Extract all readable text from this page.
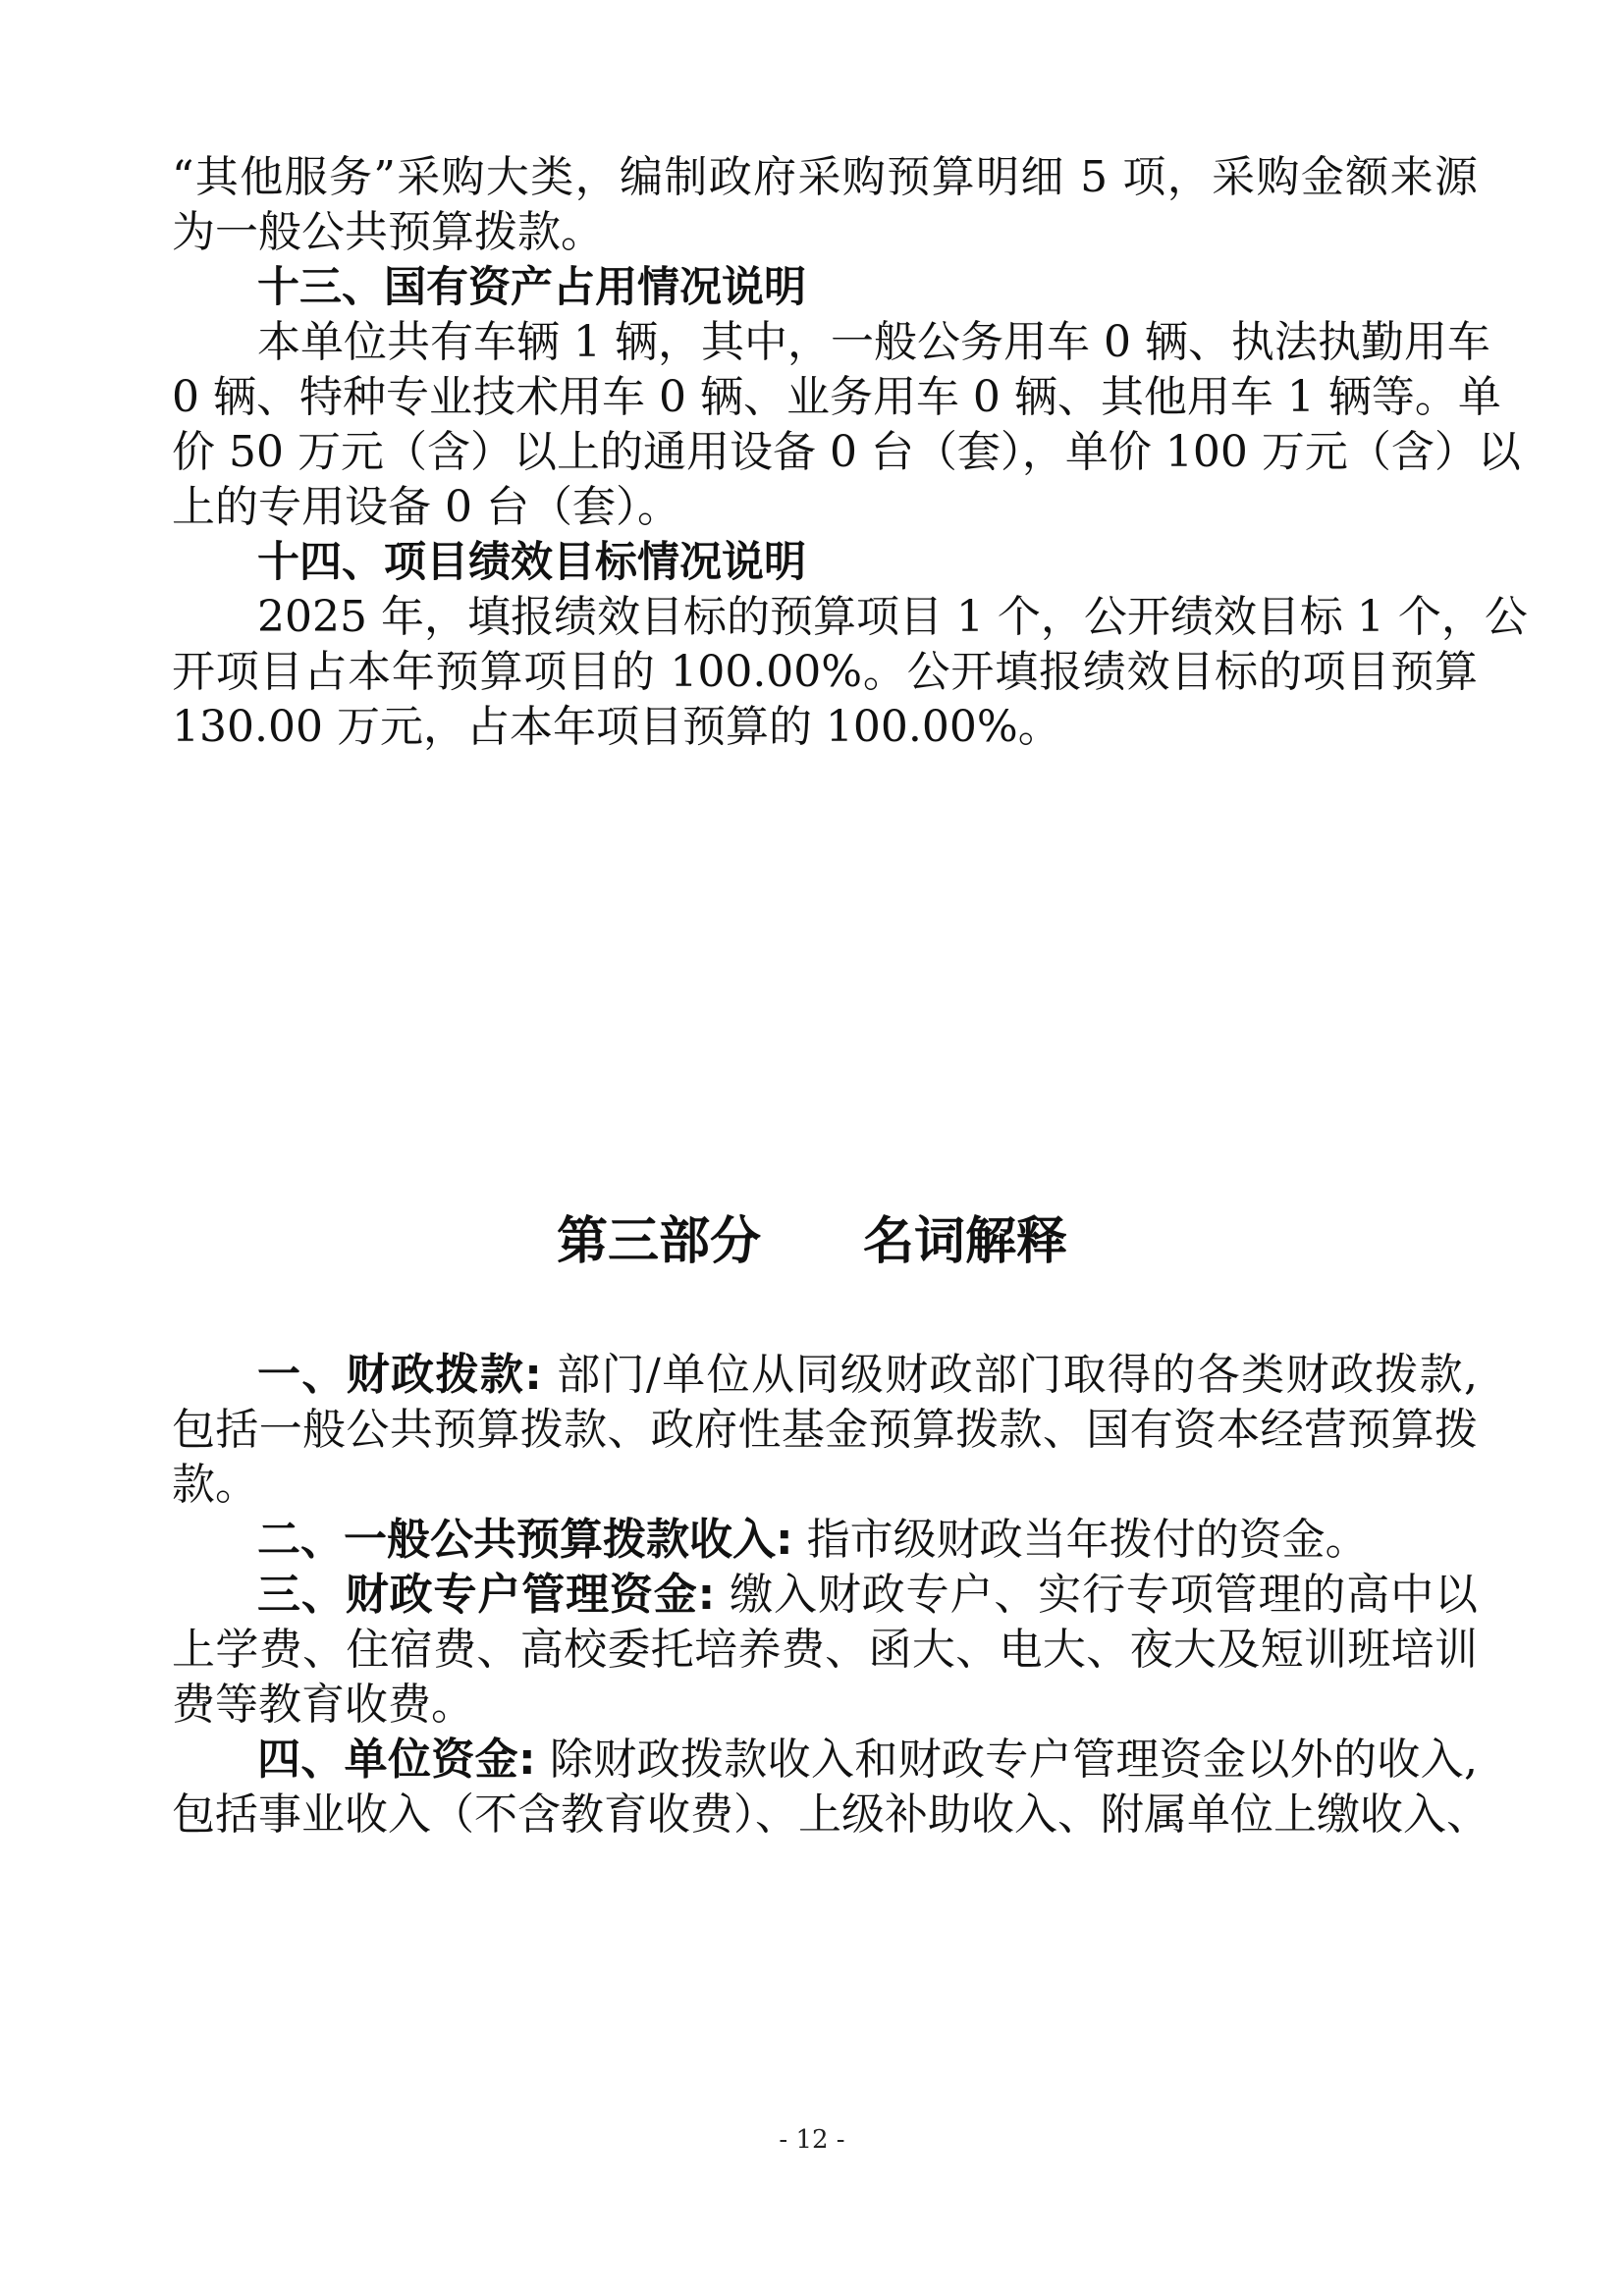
“其他服务”采购大类，编制政府采购预算明细 5 项，采购金额来源

为一般公共预算拨款。

十三、国有资产占用情况说明

本单位共有车辆 1 辆，其中，一般公务用车 0 辆、执法执勤用车

0 辆、特种专业技术用车 0 辆、业务用车 0 辆、其他用车 1 辆等。单

价 50 万元（含）以上的通用设备 0 台（套），单价 100 万元（含）以

上的专用设备 0 台（套）。

十四、项目绩效目标情况说明

2025 年，填报绩效目标的预算项目 1 个，公开绩效目标 1 个，公

开项目占本年预算项目的 100.00%。公开填报绩效目标的项目预算

130.00 万元，占本年项目预算的 100.00%。

第三部分　　名词解释

一、财政拨款: 部门/单位从同级财政部门取得的各类财政拨款,

包括一般公共预算拨款、政府性基金预算拨款、国有资本经营预算拨

款。

二、一般公共预算拨款收入: 指市级财政当年拨付的资金。

三、财政专户管理资金: 缴入财政专户、实行专项管理的高中以

上学费、住宿费、高校委托培养费、函大、电大、夜大及短训班培训

费等教育收费。

四、单位资金: 除财政拨款收入和财政专户管理资金以外的收入,

包括事业收入（不含教育收费）、上级补助收入、附属单位上缴收入、

- 12 -
